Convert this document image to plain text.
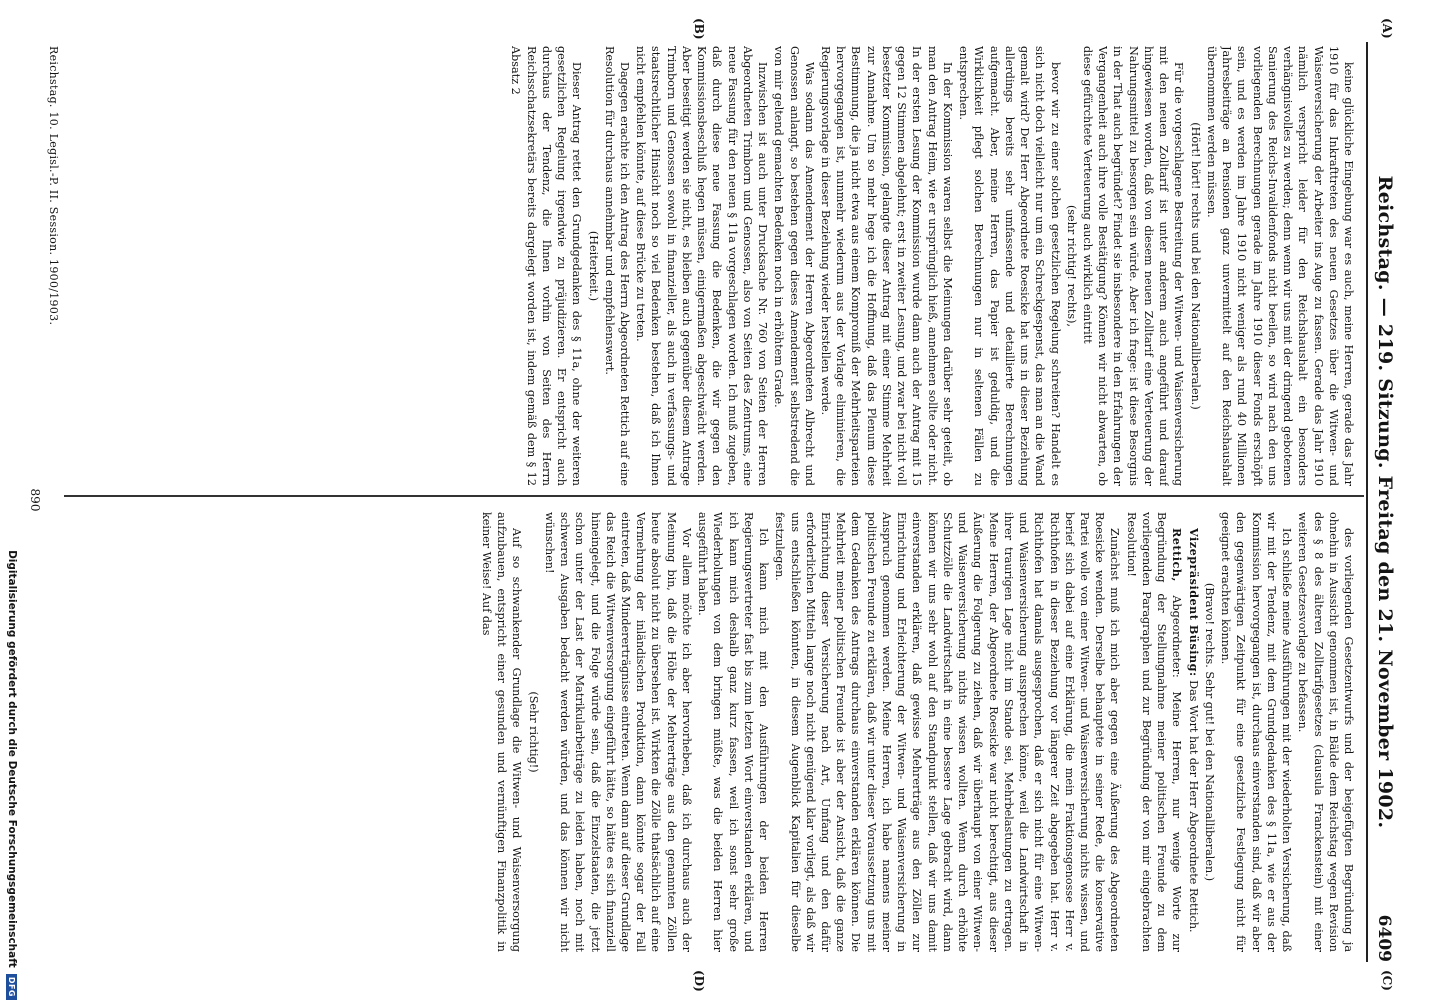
(A)
(B)
(C)
(D)
Reichstag. — 219. Sitzung. Freitag den 21. November 1902.
6409

keine glückliche Eingebung war es auch, meine Herren, gerade das Jahr 1910 für das Inkrafttreten des neuen Gesetzes über die Witwen- und Waisenversicherung der Arbeiter ins Auge zu fassen. Gerade das Jahr 1910 nämlich verspricht leider für den Reichshaushalt ein besonders verhängnisvolles zu werden; denn wenn wir uns mit der dringend gebotenen Sanierung des Reichs-Invalidenfonds nicht beeilen, so wird nach den uns vorliegenden Berechnungen gerade im Jahre 1910 dieser Fonds erschöpft sein, und es werden im Jahre 1910 nicht weniger als rund 40 Millionen Jahresbeiträge an Pensionen ganz unvermittelt auf den Reichshaushalt übernommen werden müssen.

(Hört! hört! rechts und bei den Nationalliberalen.)

Für die vorgeschlagene Bestreitung der Witwen- und Waisenversicherung mit den neuen Zolltarif ist unter anderem auch angeführt und darauf hingewiesen worden, daß von diesem neuen Zolltarif eine Verteuerung der Nahrungsmittel zu besorgen sein würde. Aber ich frage: ist diese Besorgnis in der That auch begründet? Findet sie insbesondere in den Erfahrungen der Vergangenheit auch ihre volle Bestätigung? Können wir nicht abwarten, ob diese gefürchtete Verteuerung auch wirklich eintritt

(sehr richtig! rechts),

bevor wir zu einer solchen gesetzlichen Regelung schreiten? Handelt es sich nicht doch vielleicht nur um ein Schreckgespenst, das man an die Wand gemalt wird? Der Herr Abgeordnete Roesicke hat uns in dieser Beziehung allerdings bereits sehr umfassende und detaillierte Berechnungen aufgemacht. Aber, meine Herren, das Papier ist geduldig, und die Wirklichkeit pflegt solchen Berechnungen nur in seltenen Fällen zu entsprechen.

In der Kommission waren selbst die Meinungen darüber sehr geteilt, ob man den Antrag Heim, wie er ursprünglich hieß, annehmen sollte oder nicht. In der ersten Lesung der Kommission wurde dann auch der Antrag mit 15 gegen 12 Stimmen abgelehnt; erst in zweiter Lesung, und zwar bei nicht voll besetzter Kommission, gelangte dieser Antrag mit einer Stimme Mehrheit zur Annahme. Um so mehr hege ich die Hoffnung, daß das Plenum diese Bestimmung, die ja nicht etwa aus einem Kompromiß der Mehrheitsparteien hervorgegangen ist, nunmehr wiederum aus der Vorlage eliminieren, die Regierungsvorlage in dieser Beziehung wieder herstellen werde.

Was sodann das Amendement der Herren Abgeordneten Albrecht und Genossen anlangt, so bestehen gegen dieses Amendement selbstredend die von mir geltend gemachten Bedenken noch in erhöhtem Grade.

Inzwischen ist auch unter Drucksache Nr. 760 von Seiten der Herren Abgeordneten Trimborn und Genossen, also von Seiten des Zentrums, eine neue Fassung für den neuen § 11a vorgeschlagen worden. Ich muß zugeben, daß durch diese neue Fassung die Bedenken, die wir gegen den Kommissionsbeschluß hegen müssen, einigermaßen abgeschwächt werden. Aber beseitigt werden sie nicht, es bleiben auch gegenüber diesem Antrage Trimborn und Genossen sowohl in finanzieller, als auch in verfassungs- und staatsrechtlicher Hinsicht noch so viel Bedenken bestehen, daß ich Ihnen nicht empfehlen könnte, auf diese Brücke zu treten.

Dagegen erachte ich den Antrag des Herrn Abgeordneten Rettich auf eine Resolution für durchaus annehmbar und empfehlenswert.

(Heiterkeit.)

Dieser Antrag rettet den Grundgedanken des § 11a, ohne der weiteren gesetzlichen Regelung irgendwie zu präjudizieren. Er entspricht auch durchaus der Tendenz, die Ihnen vorhin von Seiten des Herrn Reichsschatzsekretärs bereits dargelegt worden ist, indem gemäß dem § 12 Absatz 2

des vorliegenden Gesetzentwurfs und der beigefügten Begründung ja ohnehin in Aussicht genommen ist, in Bälde dem Reichstag wegen Revision des § 8 des älteren Zolltarifgesetzes (clausula Franckenstein) mit einer weiteren Gesetzesvorlage zu befassen.

Ich schließe meine Ausführungen mit der wiederholten Versicherung, daß wir mit der Tendenz, mit dem Grundgedanken des § 11a, wie er aus der Kommission hervorgegangen ist, durchaus einverstanden sind, daß wir aber den gegenwärtigen Zeitpunkt für eine gesetzliche Festlegung nicht für geeignet erachten können.

(Bravo! rechts. Sehr gut! bei den Nationalliberalen.)

Vizepräsident Büsing: Das Wort hat der Herr Abgeordnete Rettich.

Rettich, Abgeordneter: Meine Herren, nur wenige Worte zur Begründung der Stellungnahme meiner politischen Freunde zu dem vorliegenden Paragraphen und zur Begründung der von mir eingebrachten Resolution!

Zunächst muß ich mich aber gegen eine Äußerung des Abgeordneten Roesicke wenden. Derselbe behauptete in seiner Rede, die konservative Partei wolle von einer Witwen- und Waisenversicherung nichts wissen, und berief sich dabei auf eine Erklärung, die mein Fraktionsgenosse Herr v. Richthofen in dieser Beziehung vor längerer Zeit abgegeben hat. Herr v. Richthofen hat damals ausgesprochen, daß er sich nicht für eine Witwen- und Waisenversicherung aussprechen könne, weil die Landwirtschaft in ihrer traurigen Lage nicht im Stande sei, Mehrbelastungen zu ertragen. Meine Herren, der Abgeordnete Roesicke war nicht berechtigt, aus dieser Äußerung die Folgerung zu ziehen, daß wir überhaupt von einer Witwen- und Waisenversicherung nichts wissen wollten. Wenn durch erhöhte Schutzzölle die Landwirtschaft in eine bessere Lage gebracht wird, dann können wir uns sehr wohl auf den Standpunkt stellen, daß wir uns damit einverstanden erklären, daß gewisse Mehrerträge aus den Zöllen zur Einrichtung und Erleichterung der Witwen- und Waisenversicherung in Anspruch genommen werden. Meine Herren, ich habe namens meiner politischen Freunde zu erklären, daß wir unter dieser Voraussetzung uns mit dem Gedanken des Antrags durchaus einverstanden erklären können. Die Mehrheit meiner politischen Freunde ist aber der Ansicht, daß die ganze Einrichtung dieser Versicherung nach Art, Umfang und den dafür erforderlichen Mitteln lange noch nicht genügend klar vorliegt, als daß wir uns entschließen könnten, in diesem Augenblick Kapitalien für dieselbe festzulegen.

Ich kann mich mit den Ausführungen der beiden Herren Regierungsvertreter fast bis zum letzten Wort einverstanden erklären, und ich kann mich deshalb ganz kurz fassen, weil ich sonst sehr große Wiederholungen von dem bringen müßte, was die beiden Herren hier ausgeführt haben.

Vor allem möchte ich aber hervorheben, daß ich durchaus auch der Meinung bin, daß die Höhe der Mehrerträge aus den genannten Zöllen heute absolut nicht zu übersehen ist. Wirkten die Zölle thatsächlich auf eine Vermehrung der inländischen Produktion, dann könnte sogar der Fall eintreten, daß Mindererträgnisse eintreten. Wenn dann auf dieser Grundlage das Reich die Witwenversorgung eingeführt hätte, so hätte es sich finanziell hineingelegt, und die Folge würde sein, daß die Einzelstaaten, die jetzt schon unter der Last der Matrikularbeiträge zu leiden haben, noch mit schweren Ausgaben bedacht werden würden, und das können wir nicht wünschen!

(Sehr richtig!)

Auf so schwankender Grundlage die Witwen- und Waisenversorgung aufzubauen, entspricht einer gesunden und vernünftigen Finanzpolitik in keiner Weise! Auf das

Reichstag. 10. Legisl.-P. II. Session. 1900/1903.
890
Digitalisierung gefördert durch die Deutsche Forschungsgemeinschaft
DFG
